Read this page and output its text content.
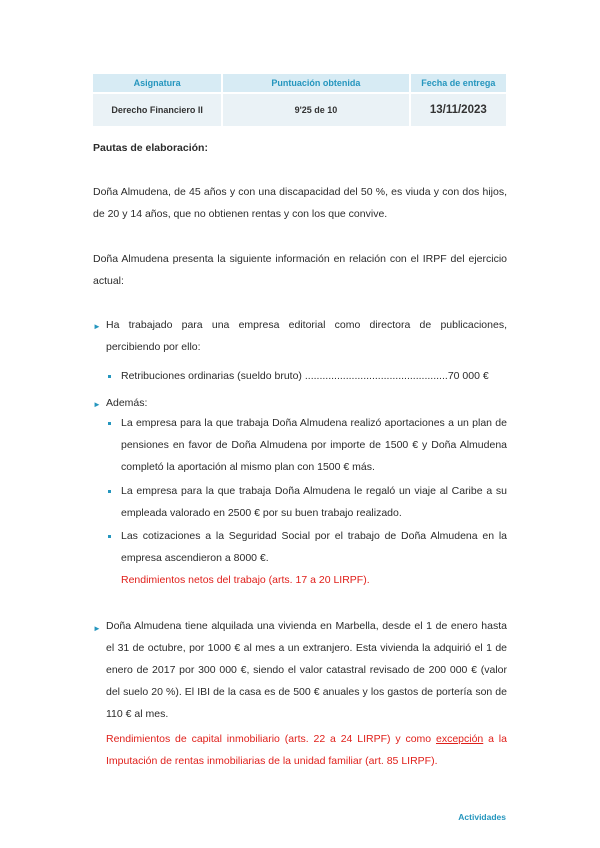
Asignatura	Puntuación obtenida	Fecha de entrega
Derecho Financiero II	9'25 de 10	13/11/2023
Pautas de elaboración:
Doña Almudena, de 45 años y con una discapacidad del 50 %, es viuda y con dos hijos, de 20 y 14 años, que no obtienen rentas y con los que convive.
Doña Almudena presenta la siguiente información en relación con el IRPF del ejercicio actual:
► Ha trabajado para una empresa editorial como directora de publicaciones, percibiendo por ello:
Retribuciones ordinarias (sueldo bruto) .................................................70 000 €
► Además:
La empresa para la que trabaja Doña Almudena realizó aportaciones a un plan de pensiones en favor de Doña Almudena por importe de 1500 € y Doña Almudena completó la aportación al mismo plan con 1500 € más.
La empresa para la que trabaja Doña Almudena le regaló un viaje al Caribe a su empleada valorado en 2500 € por su buen trabajo realizado.
Las cotizaciones a la Seguridad Social por el trabajo de Doña Almudena en la empresa ascendieron a 8000 €.
Rendimientos netos del trabajo (arts. 17 a 20 LIRPF).
► Doña Almudena tiene alquilada una vivienda en Marbella, desde el 1 de enero hasta el 31 de octubre, por 1000 € al mes a un extranjero. Esta vivienda la adquirió el 1 de enero de 2017 por 300 000 €, siendo el valor catastral revisado de 200 000 € (valor del suelo 20 %). El IBI de la casa es de 500 € anuales y los gastos de portería son de 110 € al mes.
Rendimientos de capital inmobiliario (arts. 22 a 24 LIRPF) y como excepción a la Imputación de rentas inmobiliarias de la unidad familiar (art. 85 LIRPF).
Actividades
